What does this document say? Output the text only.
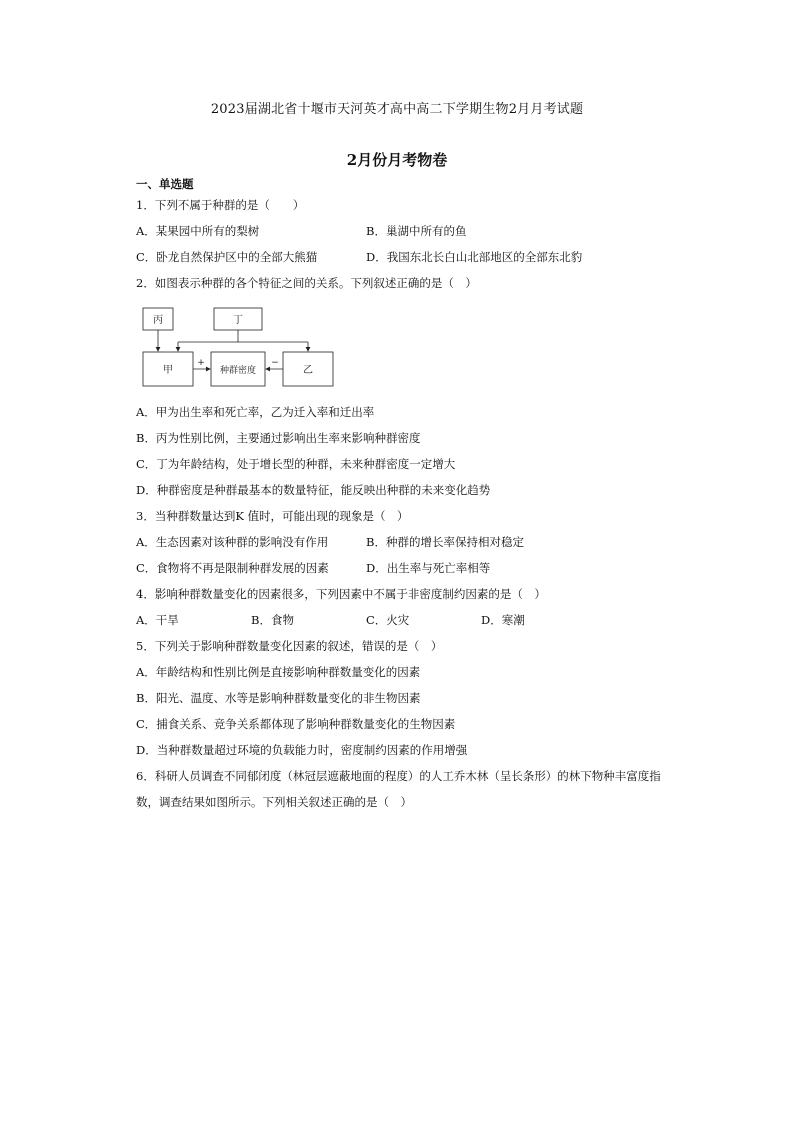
2023届湖北省十堰市天河英才高中高二下学期生物2月月考试题
2月份月考物卷
一、单选题
1．下列不属于种群的是（　　）
A．某果园中所有的梨树	B．巢湖中所有的鱼
C．卧龙自然保护区中的全部大熊猫	D．我国东北长白山北部地区的全部东北豹
2．如图表示种群的各个特征之间的关系。下列叙述正确的是（　）
丙	丁
甲	种群密度	乙
+	−
A．甲为出生率和死亡率，乙为迁入率和迁出率
B．丙为性别比例，主要通过影响出生率来影响种群密度
C．丁为年龄结构，处于增长型的种群，未来种群密度一定增大
D．种群密度是种群最基本的数量特征，能反映出种群的未来变化趋势
3．当种群数量达到K 值时，可能出现的现象是（　）
A．生态因素对该种群的影响没有作用	B．种群的增长率保持相对稳定
C．食物将不再是限制种群发展的因素	D．出生率与死亡率相等
4．影响种群数量变化的因素很多，下列因素中不属于非密度制约因素的是（　）
A．干旱	B．食物	C．火灾	D．寒潮
5．下列关于影响种群数量变化因素的叙述，错误的是（　）
A．年龄结构和性别比例是直接影响种群数量变化的因素
B．阳光、温度、水等是影响种群数量变化的非生物因素
C．捕食关系、竞争关系都体现了影响种群数量变化的生物因素
D．当种群数量超过环境的负载能力时，密度制约因素的作用增强
6．科研人员调查不同郁闭度（林冠层遮蔽地面的程度）的人工乔木林（呈长条形）的林下物种丰富度指
数，调查结果如图所示。下列相关叙述正确的是（　）
